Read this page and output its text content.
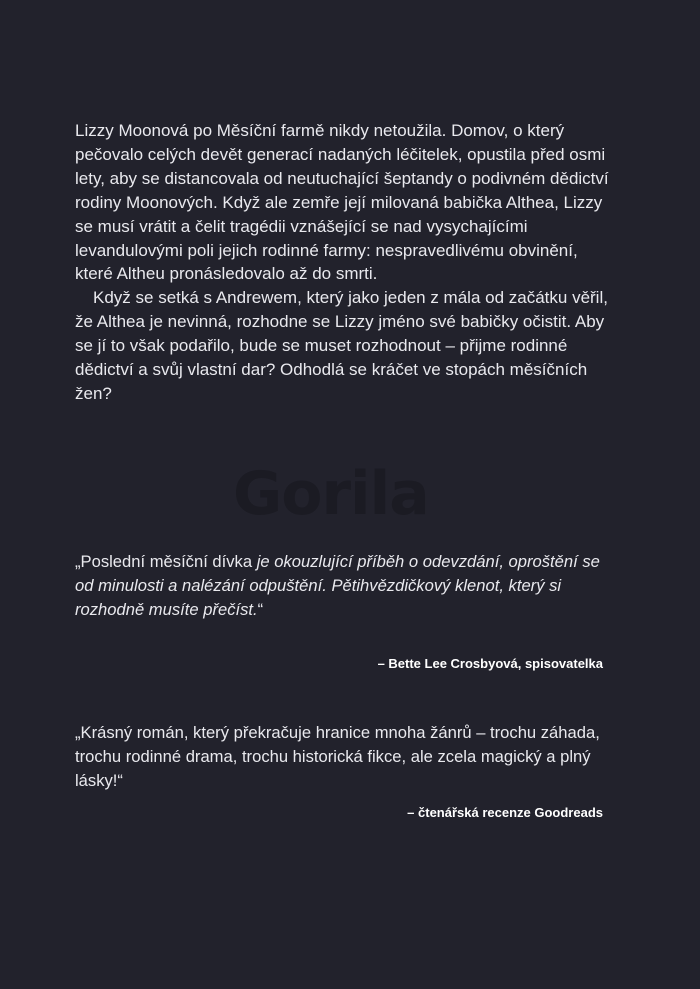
Gorila

Lizzy Moonová po Měsíční farmě nikdy netoužila. Domov, o který pečovalo celých devět generací nadaných léčitelek, opustila před osmi lety, aby se distancovala od neutuchající šeptandy o podivném dědictví rodiny Moonových. Když ale zemře její milovaná babička Althea, Lizzy se musí vrátit a čelit tragédii vznášející se nad vysychajícími levandulovými poli jejich rodinné farmy: nespravedlivému obvinění, které Altheu pronásledovalo až do smrti.

Když se setká s Andrewem, který jako jeden z mála od začátku věřil, že Althea je nevinná, rozhodne se Lizzy jméno své babičky očistit. Aby se jí to však podařilo, bude se muset rozhodnout – přijme rodinné dědictví a svůj vlastní dar? Odhodlá se kráčet ve stopách měsíčních žen?

„Poslední měsíční dívka je okouzlující příběh o odevzdání, oproštění se od minulosti a nalézání odpuštění. Pětihvězdičkový klenot, který si rozhodně musíte přečíst.“

– Bette Lee Crosbyová, spisovatelka

„Krásný román, který překračuje hranice mnoha žánrů – trochu záhada, trochu rodinné drama, trochu historická fikce, ale zcela magický a plný lásky!“

– čtenářská recenze Goodreads
